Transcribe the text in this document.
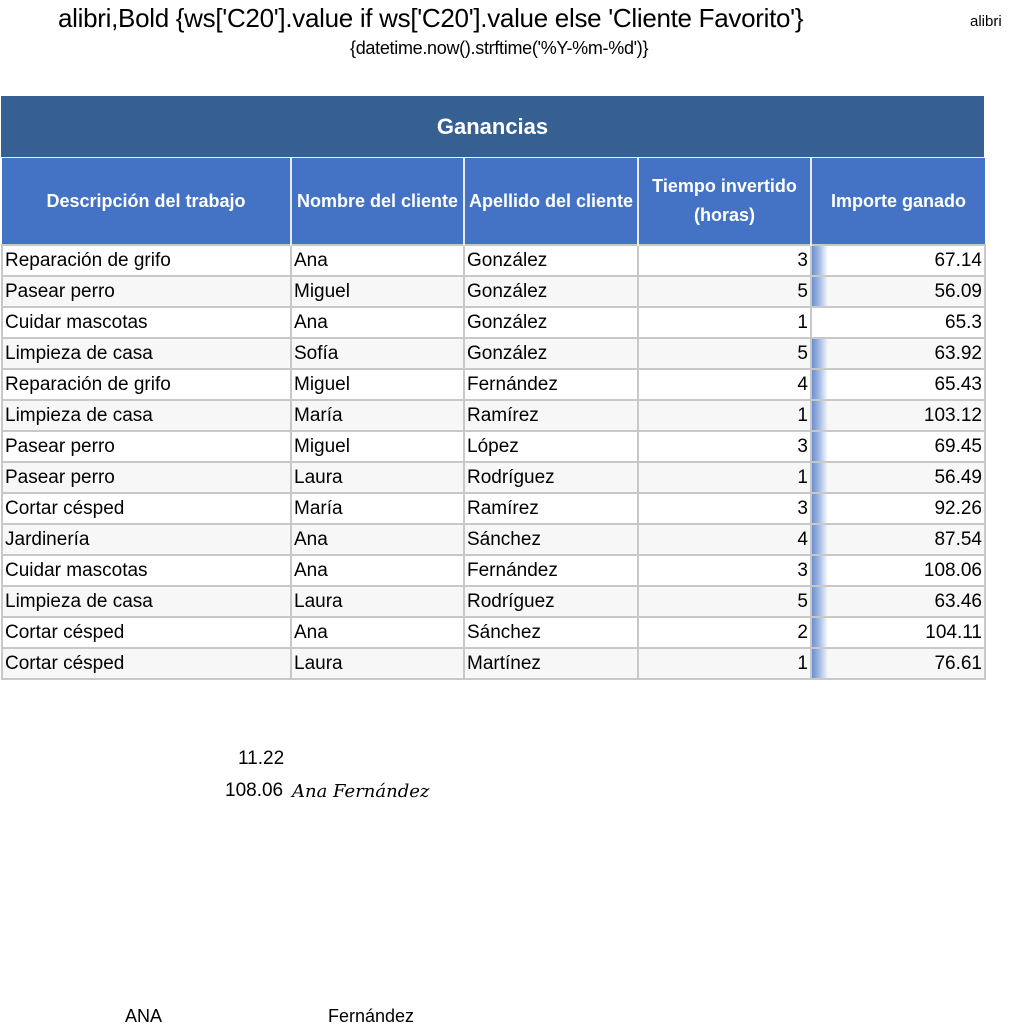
alibri,Bold {ws['C20'].value if ws['C20'].value else 'Cliente Favorito'}	alibri
{datetime.now().strftime('%Y-%m-%d')}
Ganancias
Descripción del trabajo	Nombre del cliente	Apellido del cliente	Tiempo invertido (horas)	Importe ganado
Reparación de grifo	Ana	González	3	67.14
Pasear perro	Miguel	González	5	56.09
Cuidar mascotas	Ana	González	1	65.3
Limpieza de casa	Sofía	González	5	63.92
Reparación de grifo	Miguel	Fernández	4	65.43
Limpieza de casa	María	Ramírez	1	103.12
Pasear perro	Miguel	López	3	69.45
Pasear perro	Laura	Rodríguez	1	56.49
Cortar césped	María	Ramírez	3	92.26
Jardinería	Ana	Sánchez	4	87.54
Cuidar mascotas	Ana	Fernández	3	108.06
Limpieza de casa	Laura	Rodríguez	5	63.46
Cortar césped	Ana	Sánchez	2	104.11
Cortar césped	Laura	Martínez	1	76.61
11.22
108.06 Ana Fernández
ANA	Fernández
